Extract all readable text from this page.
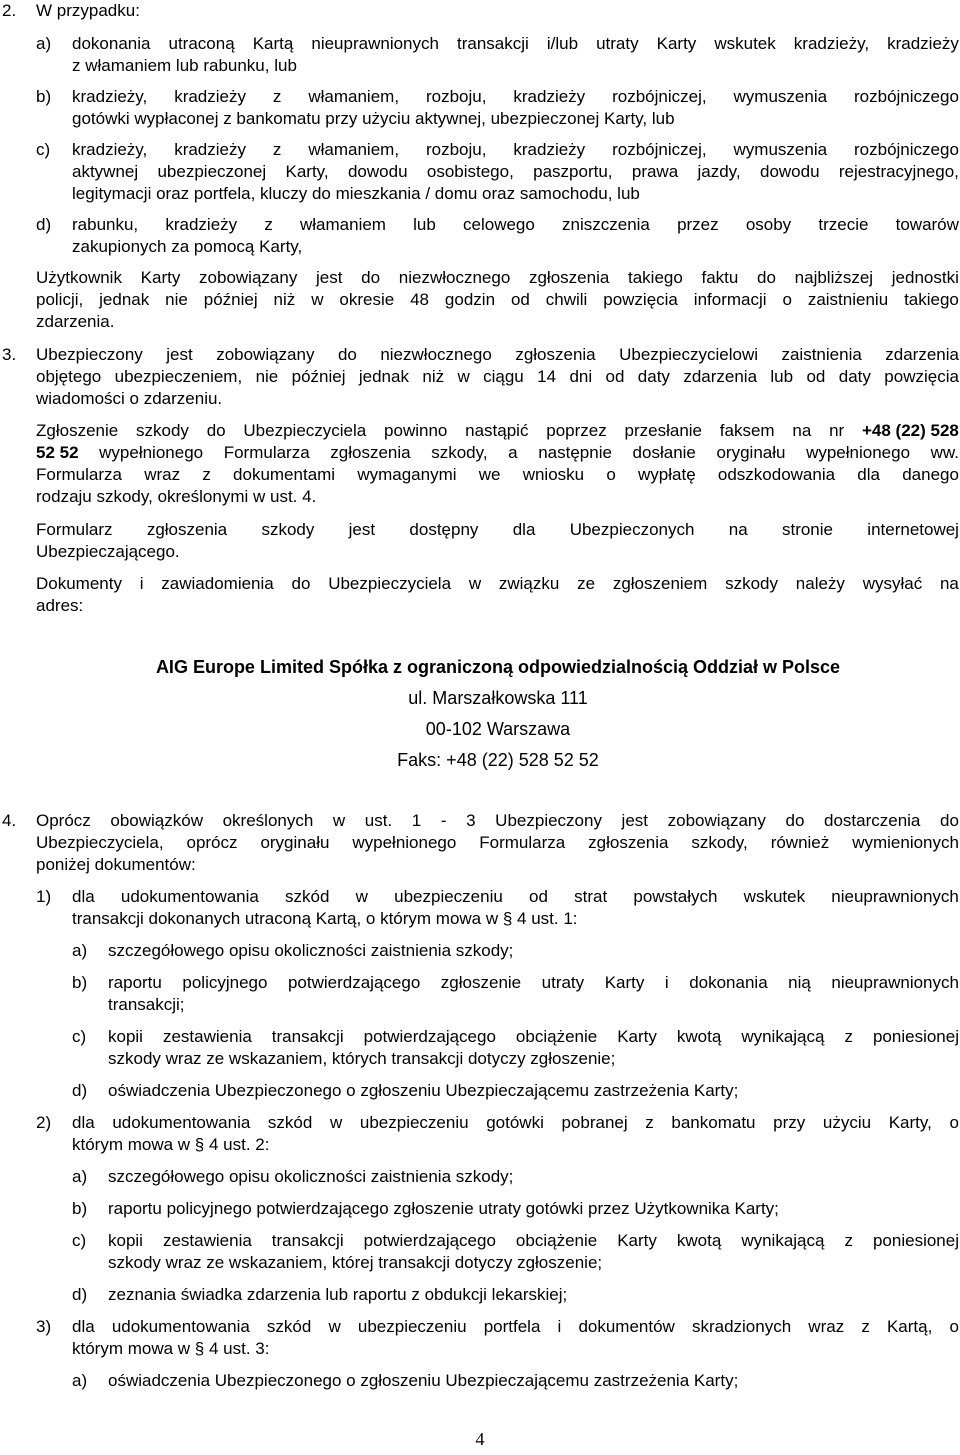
2. W przypadku:
a) dokonania utraconą Kartą nieuprawnionych transakcji i/lub utraty Karty wskutek kradzieży, kradzieży
z włamaniem lub rabunku, lub
b) kradzieży, kradzieży z włamaniem, rozboju, kradzieży rozbójniczej, wymuszenia rozbójniczego
gotówki wypłaconej z bankomatu przy użyciu aktywnej, ubezpieczonej Karty, lub
c) kradzieży, kradzieży z włamaniem, rozboju, kradzieży rozbójniczej, wymuszenia rozbójniczego
aktywnej ubezpieczonej Karty, dowodu osobistego, paszportu, prawa jazdy, dowodu rejestracyjnego,
legitymacji oraz portfela, kluczy do mieszkania / domu oraz samochodu, lub
d) rabunku, kradzieży z włamaniem lub celowego zniszczenia przez osoby trzecie towarów
zakupionych za pomocą Karty,
Użytkownik Karty zobowiązany jest do niezwłocznego zgłoszenia takiego faktu do najbliższej jednostki
policji, jednak nie później niż w okresie 48 godzin od chwili powzięcia informacji o zaistnieniu takiego
zdarzenia.
3. Ubezpieczony jest zobowiązany do niezwłocznego zgłoszenia Ubezpieczycielowi zaistnienia zdarzenia
objętego ubezpieczeniem, nie później jednak niż w ciągu 14 dni od daty zdarzenia lub od daty powzięcia
wiadomości o zdarzeniu.
Zgłoszenie szkody do Ubezpieczyciela powinno nastąpić poprzez przesłanie faksem na nr +48 (22) 528
52 52 wypełnionego Formularza zgłoszenia szkody, a następnie dosłanie oryginału wypełnionego ww.
Formularza wraz z dokumentami wymaganymi we wniosku o wypłatę odszkodowania dla danego
rodzaju szkody, określonymi w ust. 4.
Formularz zgłoszenia szkody jest dostępny dla Ubezpieczonych na stronie internetowej
Ubezpieczającego.
Dokumenty i zawiadomienia do Ubezpieczyciela w związku ze zgłoszeniem szkody należy wysyłać na
adres:
AIG Europe Limited Spółka z ograniczoną odpowiedzialnością Oddział w Polsce
ul. Marszałkowska 111
00-102 Warszawa
Faks: +48 (22) 528 52 52
4. Oprócz obowiązków określonych w ust. 1 - 3 Ubezpieczony jest zobowiązany do dostarczenia do
Ubezpieczyciela, oprócz oryginału wypełnionego Formularza zgłoszenia szkody, również wymienionych
poniżej dokumentów:
1) dla udokumentowania szkód w ubezpieczeniu od strat powstałych wskutek nieuprawnionych
transakcji dokonanych utraconą Kartą, o którym mowa w § 4 ust. 1:
a) szczegółowego opisu okoliczności zaistnienia szkody;
b) raportu policyjnego potwierdzającego zgłoszenie utraty Karty i dokonania nią nieuprawnionych
transakcji;
c) kopii zestawienia transakcji potwierdzającego obciążenie Karty kwotą wynikającą z poniesionej
szkody wraz ze wskazaniem, których transakcji dotyczy zgłoszenie;
d) oświadczenia Ubezpieczonego o zgłoszeniu Ubezpieczającemu zastrzeżenia Karty;
2) dla udokumentowania szkód w ubezpieczeniu gotówki pobranej z bankomatu przy użyciu Karty, o
którym mowa w § 4 ust. 2:
a) szczegółowego opisu okoliczności zaistnienia szkody;
b) raportu policyjnego potwierdzającego zgłoszenie utraty gotówki przez Użytkownika Karty;
c) kopii zestawienia transakcji potwierdzającego obciążenie Karty kwotą wynikającą z poniesionej
szkody wraz ze wskazaniem, której transakcji dotyczy zgłoszenie;
d) zeznania świadka zdarzenia lub raportu z obdukcji lekarskiej;
3) dla udokumentowania szkód w ubezpieczeniu portfela i dokumentów skradzionych wraz z Kartą, o
którym mowa w § 4 ust. 3:
a) oświadczenia Ubezpieczonego o zgłoszeniu Ubezpieczającemu zastrzeżenia Karty;
4
